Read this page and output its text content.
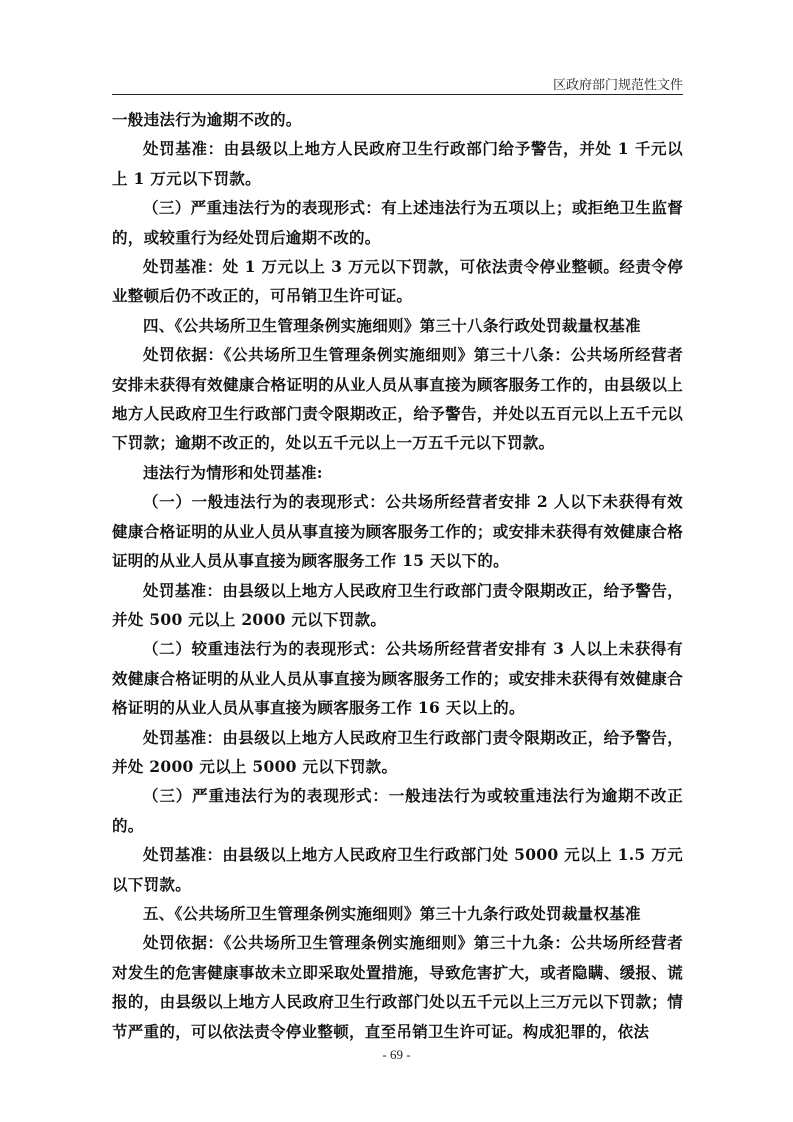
区政府部门规范性文件

一般违法行为逾期不改的。

处罚基准：由县级以上地方人民政府卫生行政部门给予警告，并处 1 千元以上 1 万元以下罚款。

（三）严重违法行为的表现形式：有上述违法行为五项以上；或拒绝卫生监督的，或较重行为经处罚后逾期不改的。

处罚基准：处 1 万元以上 3 万元以下罚款，可依法责令停业整顿。经责令停业整顿后仍不改正的，可吊销卫生许可证。

四、《公共场所卫生管理条例实施细则》第三十八条行政处罚裁量权基准

处罚依据：《公共场所卫生管理条例实施细则》第三十八条：公共场所经营者安排未获得有效健康合格证明的从业人员从事直接为顾客服务工作的，由县级以上地方人民政府卫生行政部门责令限期改正，给予警告，并处以五百元以上五千元以下罚款；逾期不改正的，处以五千元以上一万五千元以下罚款。

违法行为情形和处罚基准:

（一）一般违法行为的表现形式：公共场所经营者安排 2 人以下未获得有效健康合格证明的从业人员从事直接为顾客服务工作的；或安排未获得有效健康合格证明的从业人员从事直接为顾客服务工作 15 天以下的。

处罚基准：由县级以上地方人民政府卫生行政部门责令限期改正，给予警告，并处 500 元以上 2000 元以下罚款。

（二）较重违法行为的表现形式：公共场所经营者安排有 3 人以上未获得有效健康合格证明的从业人员从事直接为顾客服务工作的；或安排未获得有效健康合格证明的从业人员从事直接为顾客服务工作 16 天以上的。

处罚基准：由县级以上地方人民政府卫生行政部门责令限期改正，给予警告，并处 2000 元以上 5000 元以下罚款。

（三）严重违法行为的表现形式：一般违法行为或较重违法行为逾期不改正的。

处罚基准：由县级以上地方人民政府卫生行政部门处 5000 元以上 1.5 万元以下罚款。

五、《公共场所卫生管理条例实施细则》第三十九条行政处罚裁量权基准

处罚依据：《公共场所卫生管理条例实施细则》第三十九条：公共场所经营者对发生的危害健康事故未立即采取处置措施，导致危害扩大，或者隐瞒、缓报、谎报的，由县级以上地方人民政府卫生行政部门处以五千元以上三万元以下罚款；情节严重的，可以依法责令停业整顿，直至吊销卫生许可证。构成犯罪的，依法

- 69 -
